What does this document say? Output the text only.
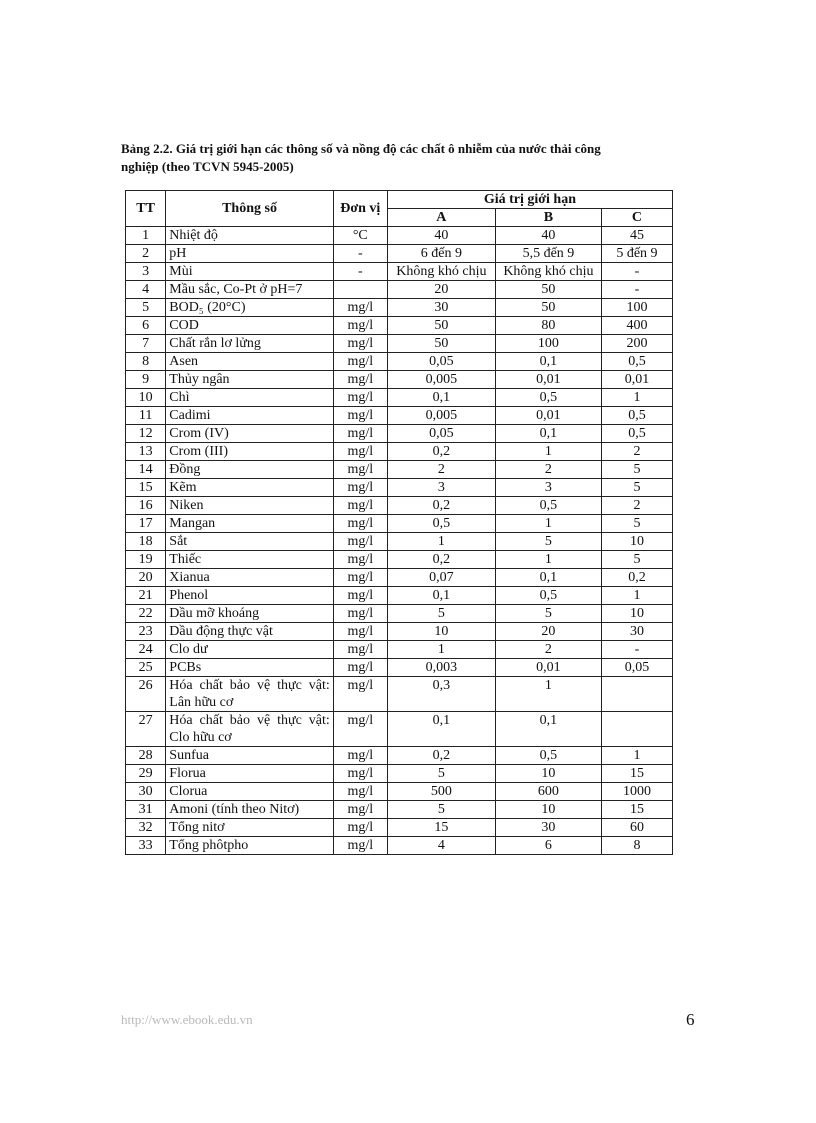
Bảng 2.2. Giá trị giới hạn các thông số và nồng độ các chất ô nhiễm của nước thải công
nghiệp (theo TCVN 5945-2005)
TT	Thông số	Đơn vị	Giá trị giới hạn		
			A	B	C
1	Nhiệt độ	°C	40	40	45
2	pH	-	6 đến 9	5,5 đến 9	5 đến 9
3	Mùi	-	Không khó chịu	Không khó chịu	-
4	Mầu sắc, Co-Pt ở pH=7		20	50	-
5	BOD₅ (20°C)	mg/l	30	50	100
6	COD	mg/l	50	80	400
7	Chất rắn lơ lửng	mg/l	50	100	200
8	Asen	mg/l	0,05	0,1	0,5
9	Thủy ngân	mg/l	0,005	0,01	0,01
10	Chì	mg/l	0,1	0,5	1
11	Cadimi	mg/l	0,005	0,01	0,5
12	Crom (IV)	mg/l	0,05	0,1	0,5
13	Crom (III)	mg/l	0,2	1	2
14	Đồng	mg/l	2	2	5
15	Kẽm	mg/l	3	3	5
16	Niken	mg/l	0,2	0,5	2
17	Mangan	mg/l	0,5	1	5
18	Sắt	mg/l	1	5	10
19	Thiếc	mg/l	0,2	1	5
20	Xianua	mg/l	0,07	0,1	0,2
21	Phenol	mg/l	0,1	0,5	1
22	Dầu mỡ khoáng	mg/l	5	5	10
23	Dầu động thực vật	mg/l	10	20	30
24	Clo dư	mg/l	1	2	-
25	PCBs	mg/l	0,003	0,01	0,05
26	Hóa chất bảo vệ thực vật: Lân hữu cơ	mg/l	0,3	1	
27	Hóa chất bảo vệ thực vật: Clo hữu cơ	mg/l	0,1	0,1	
28	Sunfua	mg/l	0,2	0,5	1
29	Florua	mg/l	5	10	15
30	Clorua	mg/l	500	600	1000
31	Amoni (tính theo Nitơ)	mg/l	5	10	15
32	Tổng nitơ	mg/l	15	30	60
33	Tổng phôtpho	mg/l	4	6	8
http://www.ebook.edu.vn	6
